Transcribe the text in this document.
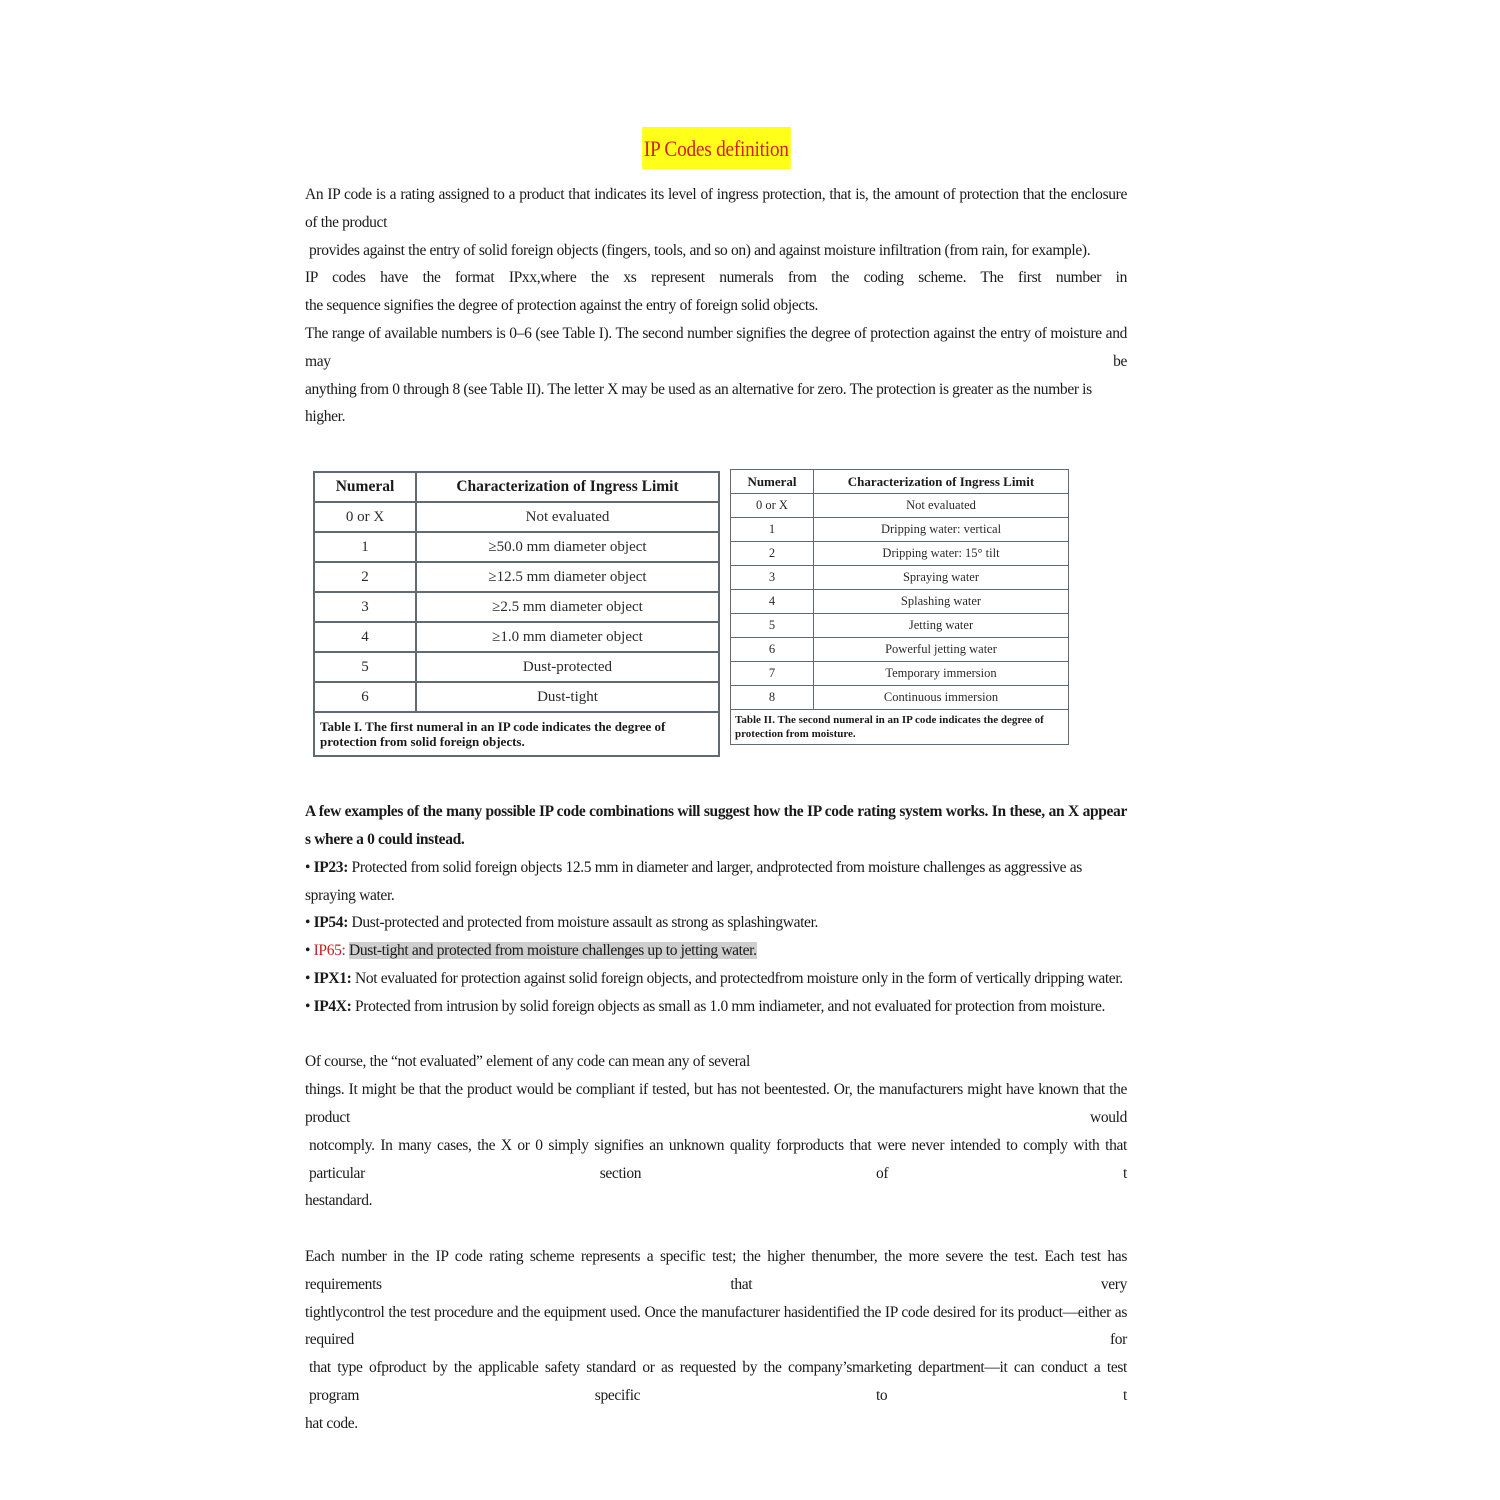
IP Codes definition

An IP code is a rating assigned to a product that indicates its level of ingress protection, that is, the amount of protection that the enclosure of the product

provides against the entry of solid foreign objects (fingers, tools, and so on) and against moisture infiltration (from rain, for example).

IP codes have the format IPxx,where the xs represent numerals from the coding scheme. The first number in

the sequence signifies the degree of protection against the entry of foreign solid objects.

The range of available numbers is 0–6 (see Table I). The second number signifies the degree of protection against the entry of moisture and may be

anything from 0 through 8 (see Table II). The letter X may be used as an alternative for zero. The protection is greater as the number is higher.

Numeral	Characterization of Ingress Limit
0 or X	Not evaluated
1	≥50.0 mm diameter object
2	≥12.5 mm diameter object
3	≥2.5 mm diameter object
4	≥1.0 mm diameter object
5	Dust-protected
6	Dust-tight
Table I. The first numeral in an IP code indicates the degree of protection from solid foreign objects.	
Numeral	Characterization of Ingress Limit
0 or X	Not evaluated
1	Dripping water: vertical
2	Dripping water: 15° tilt
3	Spraying water
4	Splashing water
5	Jetting water
6	Powerful jetting water
7	Temporary immersion
8	Continuous immersion
Table II. The second numeral in an IP code indicates the degree of protection from moisture.	

A few examples of the many possible IP code combinations will suggest how the IP code rating system works. In these, an X appear

s where a 0 could instead.

• IP23: Protected from solid foreign objects 12.5 mm in diameter and larger, andprotected from moisture challenges as aggressive as spraying water.

• IP54: Dust-protected and protected from moisture assault as strong as splashingwater.

• IP65: Dust-tight and protected from moisture challenges up to jetting water.

• IPX1: Not evaluated for protection against solid foreign objects, and protectedfrom moisture only in the form of vertically dripping water.

• IP4X: Protected from intrusion by solid foreign objects as small as 1.0 mm indiameter, and not evaluated for protection from moisture.

Of course, the “not evaluated” element of any code can mean any of several

things. It might be that the product would be compliant if tested, but has not beentested. Or, the manufacturers might have known that the product would

notcomply. In many cases, the X or 0 simply signifies an unknown quality forproducts that were never intended to comply with that particular section of t

hestandard.

Each number in the IP code rating scheme represents a specific test; the higher thenumber, the more severe the test. Each test has requirements that very

tightlycontrol the test procedure and the equipment used. Once the manufacturer hasidentified the IP code desired for its product—either as required for

that type ofproduct by the applicable safety standard or as requested by the company’smarketing department—it can conduct a test program specific to t

hat code.
